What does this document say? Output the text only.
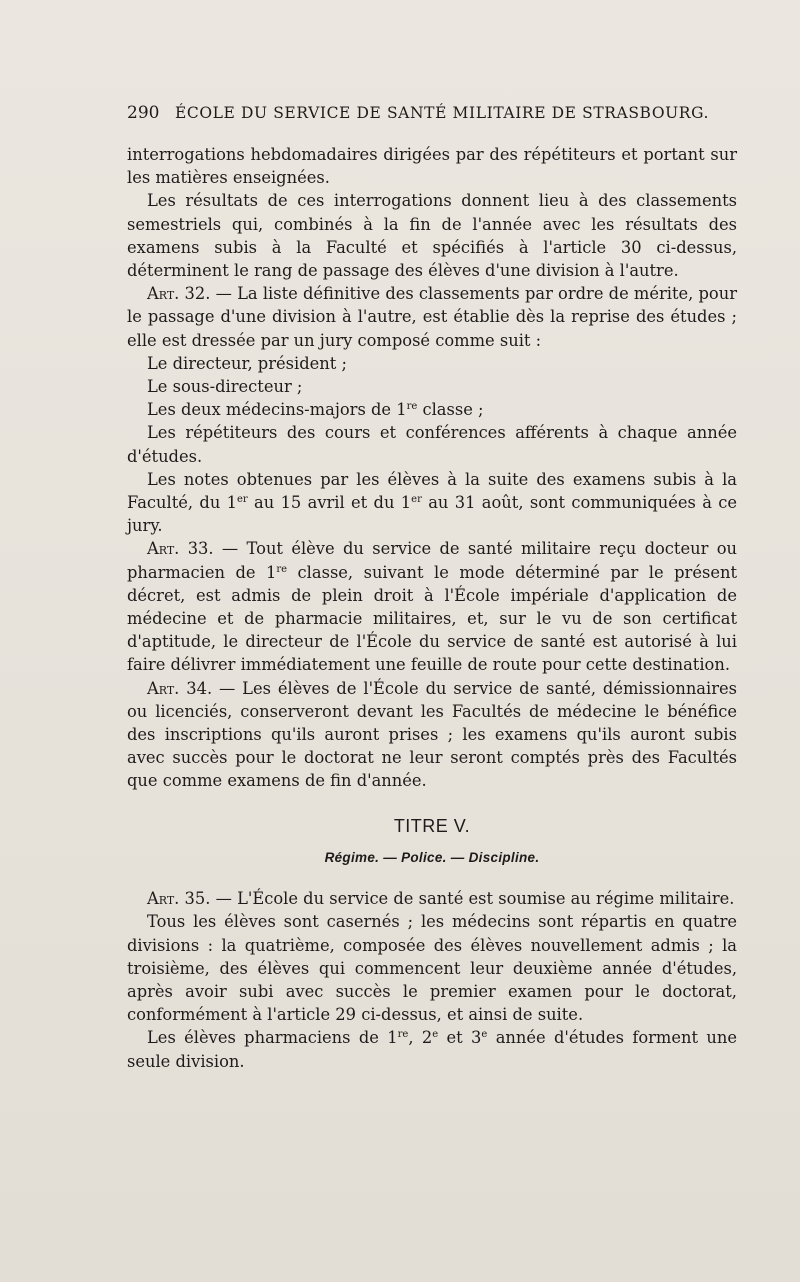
290 ÉCOLE DU SERVICE DE SANTÉ MILITAIRE DE STRASBOURG.

interrogations hebdomadaires dirigées par des répétiteurs et portant sur les matières enseignées.

Les résultats de ces interrogations donnent lieu à des classements semestriels qui, combinés à la fin de l'année avec les résultats des examens subis à la Faculté et spécifiés à l'article 30 ci-dessus, déterminent le rang de passage des élèves d'une division à l'autre.

Art. 32. — La liste définitive des classements par ordre de mérite, pour le passage d'une division à l'autre, est établie dès la reprise des études ; elle est dressée par un jury composé comme suit :

Le directeur, président ;

Le sous-directeur ;

Les deux médecins-majors de 1re classe ;

Les répétiteurs des cours et conférences afférents à chaque année d'études.

Les notes obtenues par les élèves à la suite des examens subis à la Faculté, du 1er au 15 avril et du 1er au 31 août, sont communiquées à ce jury.

Art. 33. — Tout élève du service de santé militaire reçu docteur ou pharmacien de 1re classe, suivant le mode déterminé par le présent décret, est admis de plein droit à l'École impériale d'application de médecine et de pharmacie militaires, et, sur le vu de son certificat d'aptitude, le directeur de l'École du service de santé est autorisé à lui faire délivrer immédiatement une feuille de route pour cette destination.

Art. 34. — Les élèves de l'École du service de santé, démissionnaires ou licenciés, conserveront devant les Facultés de médecine le bénéfice des inscriptions qu'ils auront prises ; les examens qu'ils auront subis avec succès pour le doctorat ne leur seront comptés près des Facultés que comme examens de fin d'année.

TITRE V.
Régime. — Police. — Discipline.

Art. 35. — L'École du service de santé est soumise au régime militaire.

Tous les élèves sont casernés ; les médecins sont répartis en quatre divisions : la quatrième, composée des élèves nouvellement admis ; la troisième, des élèves qui commencent leur deuxième année d'études, après avoir subi avec succès le premier examen pour le doctorat, conformément à l'article 29 ci-dessus, et ainsi de suite.

Les élèves pharmaciens de 1re, 2e et 3e année d'études forment une seule division.
